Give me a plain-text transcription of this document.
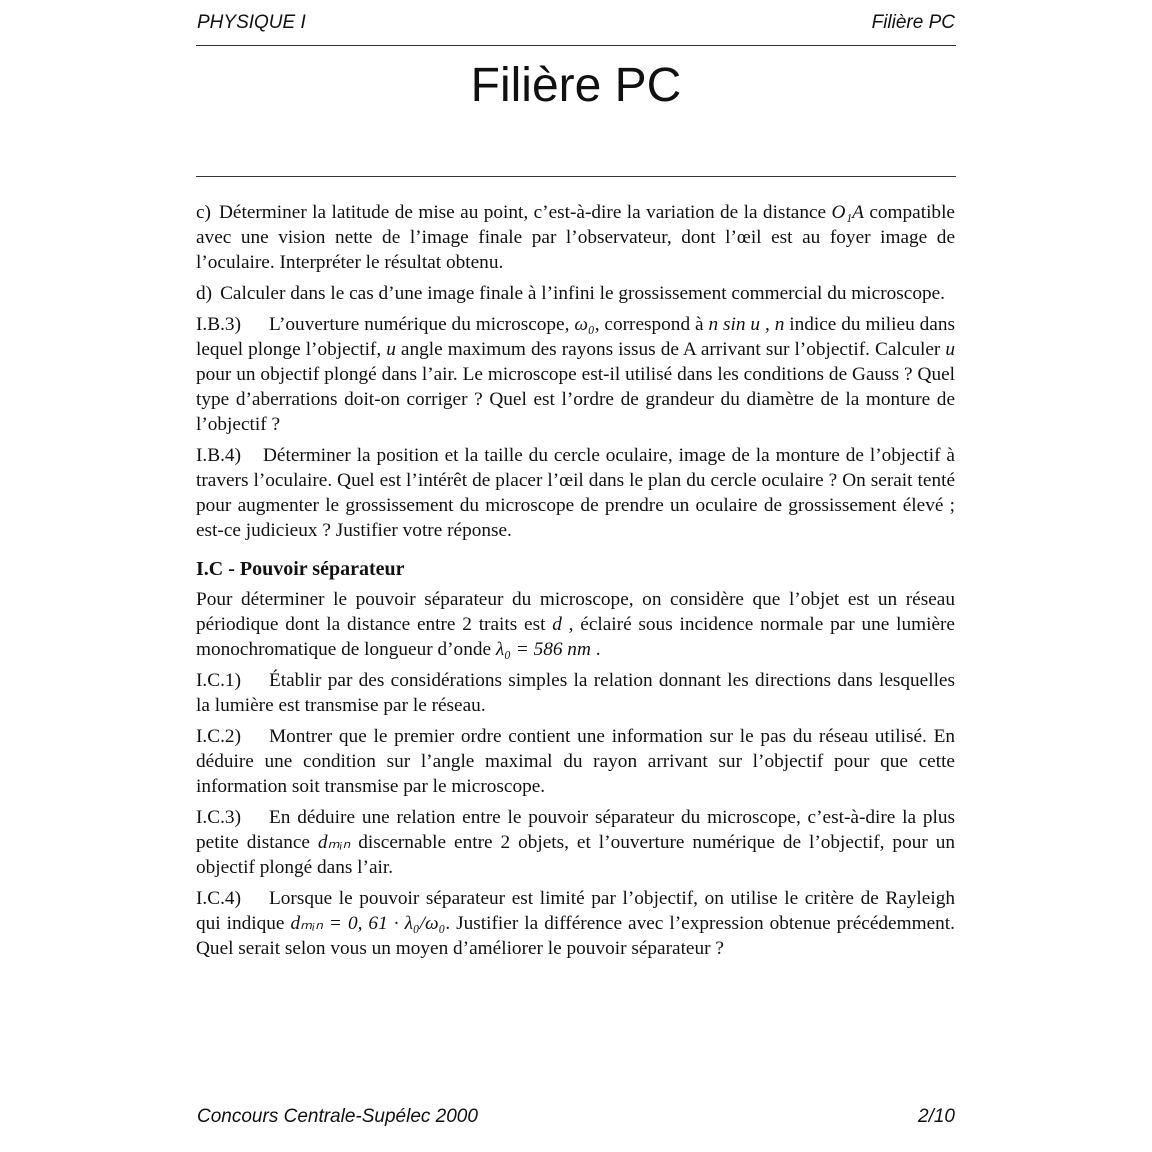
PHYSIQUE I	Filière PC
Filière PC

c) Déterminer la latitude de mise au point, c’est-à-dire la variation de la distance O₁A compatible avec une vision nette de l’image finale par l’observateur, dont l’œil est au foyer image de l’oculaire. Interpréter le résultat obtenu.

d) Calculer dans le cas d’une image finale à l’infini le grossissement commercial du microscope.

I.B.3) L’ouverture numérique du microscope, ω₀, correspond à n sin u , n indice du milieu dans lequel plonge l’objectif, u angle maximum des rayons issus de A arrivant sur l’objectif. Calculer u pour un objectif plongé dans l’air. Le microscope est-il utilisé dans les conditions de Gauss ? Quel type d’aberrations doit-on corriger ? Quel est l’ordre de grandeur du diamètre de la monture de l’objectif ?

I.B.4) Déterminer la position et la taille du cercle oculaire, image de la monture de l’objectif à travers l’oculaire. Quel est l’intérêt de placer l’œil dans le plan du cercle oculaire ? On serait tenté pour augmenter le grossissement du microscope de prendre un oculaire de grossissement élevé ; est-ce judicieux ? Justifier votre réponse.

I.C - Pouvoir séparateur

Pour déterminer le pouvoir séparateur du microscope, on considère que l’objet est un réseau périodique dont la distance entre 2 traits est d , éclairé sous incidence normale par une lumière monochromatique de longueur d’onde λ₀ = 586 nm .

I.C.1) Établir par des considérations simples la relation donnant les directions dans lesquelles la lumière est transmise par le réseau.

I.C.2) Montrer que le premier ordre contient une information sur le pas du réseau utilisé. En déduire une condition sur l’angle maximal du rayon arrivant sur l’objectif pour que cette information soit transmise par le microscope.

I.C.3) En déduire une relation entre le pouvoir séparateur du microscope, c’est-à-dire la plus petite distance dₘᵢₙ discernable entre 2 objets, et l’ouverture numérique de l’objectif, pour un objectif plongé dans l’air.

I.C.4) Lorsque le pouvoir séparateur est limité par l’objectif, on utilise le critère de Rayleigh qui indique dₘᵢₙ = 0, 61 · λ₀/ω₀. Justifier la différence avec l’expression obtenue précédemment. Quel serait selon vous un moyen d’améliorer le pouvoir séparateur ?

Concours Centrale-Supélec 2000	2/10
